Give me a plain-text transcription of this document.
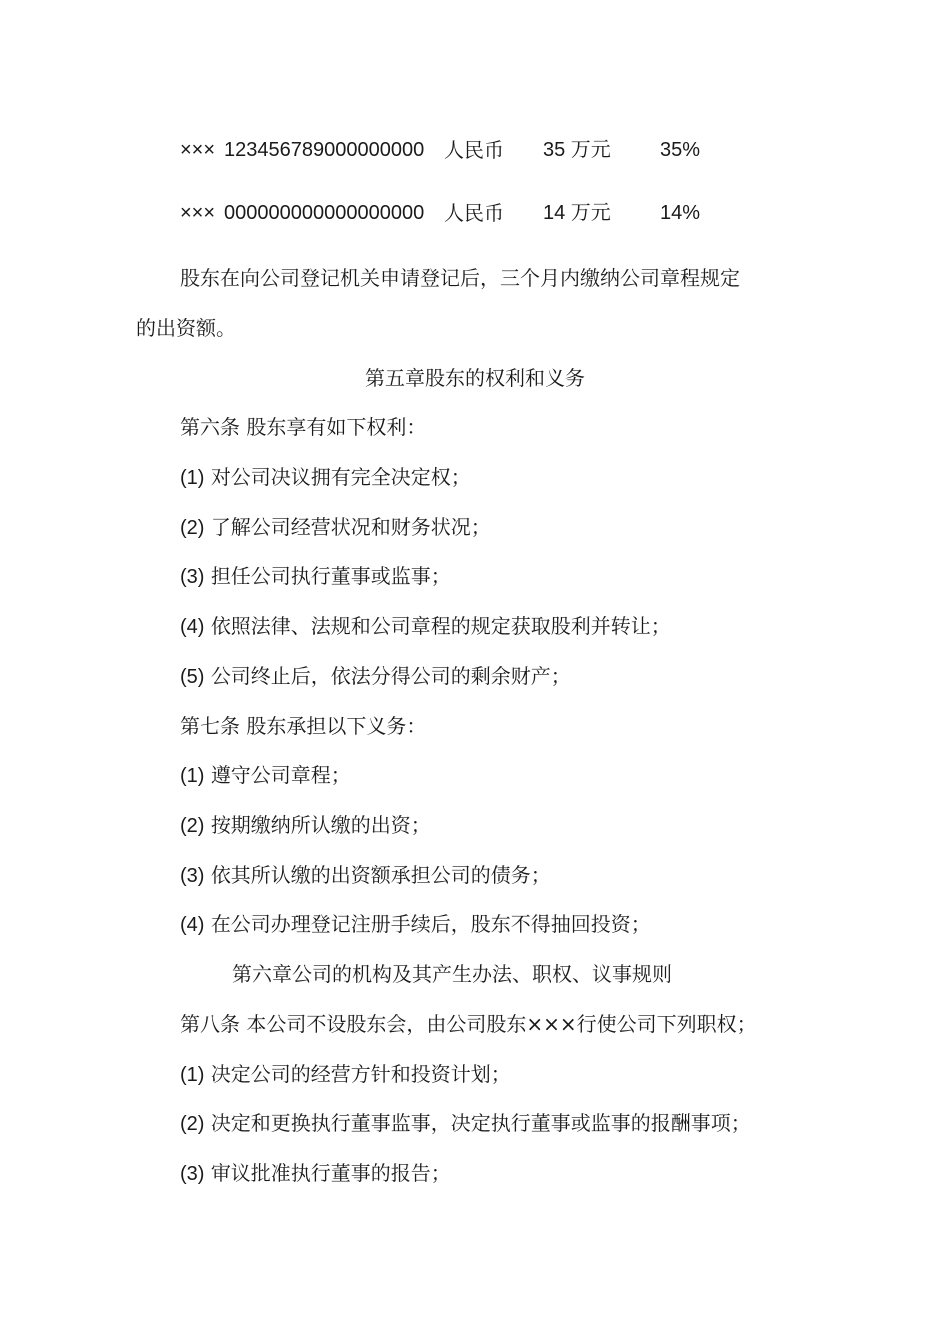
××× 123456789000000000 人民币 35 万元 35%
××× 000000000000000000 人民币 14 万元 14%
股东在向公司登记机关申请登记后，三个月内缴纳公司章程规定
的出资额。
第五章股东的权利和义务
第六条 股东享有如下权利：
(1) 对公司决议拥有完全决定权；
(2) 了解公司经营状况和财务状况；
(3) 担任公司执行董事或监事；
(4) 依照法律、法规和公司章程的规定获取股利并转让；
(5) 公司终止后，依法分得公司的剩余财产；
第七条 股东承担以下义务：
(1) 遵守公司章程；
(2) 按期缴纳所认缴的出资；
(3) 依其所认缴的出资额承担公司的债务；
(4) 在公司办理登记注册手续后，股东不得抽回投资；
第六章公司的机构及其产生办法、职权、议事规则
第八条 本公司不设股东会，由公司股东×××行使公司下列职权；
(1) 决定公司的经营方针和投资计划；
(2) 决定和更换执行董事监事，决定执行董事或监事的报酬事项；
(3) 审议批准执行董事的报告；
